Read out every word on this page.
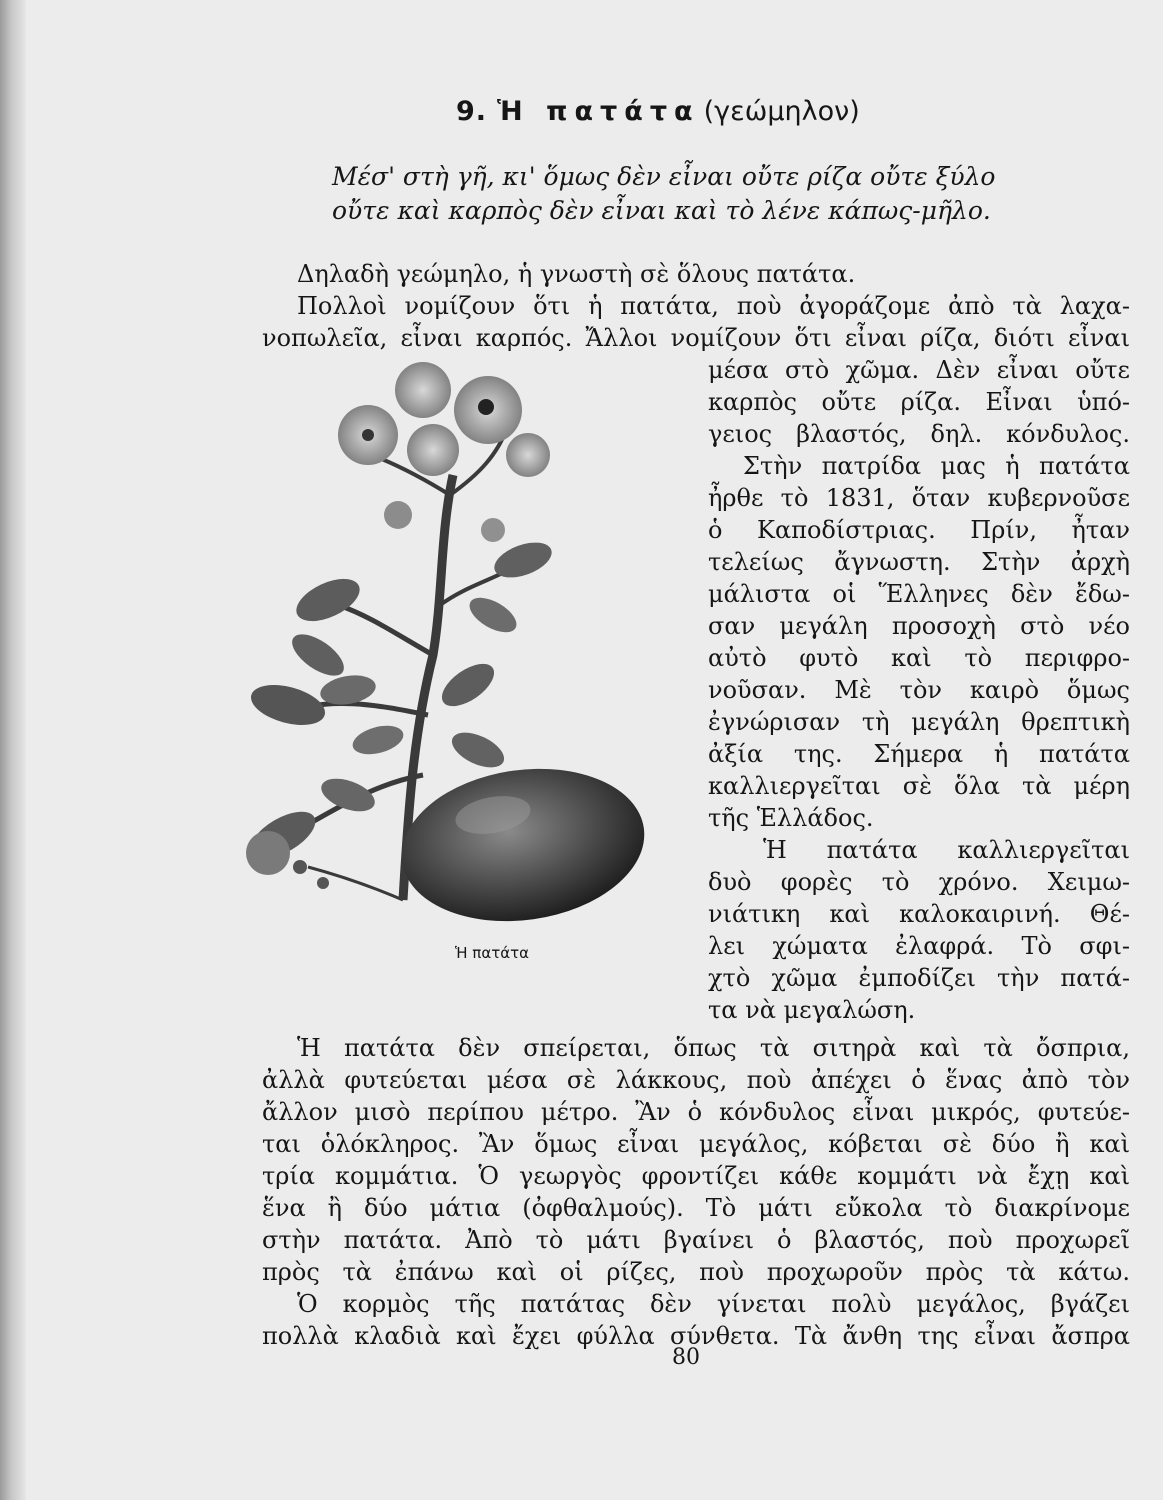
9. Ἡ πατάτα (γεώμηλον)
Μέσ' στὴ γῆ, κι' ὅμως δὲν εἶναι οὔτε ρίζα οὔτε ξύλο
οὔτε καὶ καρπὸς δὲν εἶναι καὶ τὸ λένε κάπως-μῆλο.
Δηλαδὴ γεώμηλο, ἡ γνωστὴ σὲ ὅλους πατάτα.
Πολλοὶ νομίζουν ὅτι ἡ πατάτα, ποὺ ἀγοράζομε ἀπὸ τὰ λαχα-
νοπωλεῖα, εἶναι καρπός. Ἄλλοι νομίζουν ὅτι εἶναι ρίζα, διότι εἶναι
μέσα στὸ χῶμα. Δὲν εἶναι οὔτε
καρπὸς οὔτε ρίζα. Εἶναι ὑπό-
γειος βλαστός, δηλ. κόνδυλος.
Στὴν πατρίδα μας ἡ πατάτα
ἦρθε τὸ 1831, ὅταν κυβερνοῦσε
ὁ Καποδίστριας. Πρίν, ἦταν
τελείως ἄγνωστη. Στὴν ἀρχὴ
μάλιστα οἱ Ἕλληνες δὲν ἔδω-
σαν μεγάλη προσοχὴ στὸ νέο
αὐτὸ φυτὸ καὶ τὸ περιφρο-
νοῦσαν. Μὲ τὸν καιρὸ ὅμως
ἐγνώρισαν τὴ μεγάλη θρεπτικὴ
ἀξία της. Σήμερα ἡ πατάτα
καλλιεργεῖται σὲ ὅλα τὰ μέρη
τῆς Ἑλλάδος.
Ἡ πατάτα καλλιεργεῖται
δυὸ φορὲς τὸ χρόνο. Χειμω-
νιάτικη καὶ καλοκαιρινή. Θέ-
λει χώματα ἐλαφρά. Τὸ σφι-
χτὸ χῶμα ἐμποδίζει τὴν πατά-
τα νὰ μεγαλώση.
Ἡ πατάτα δὲν σπείρεται, ὅπως τὰ σιτηρὰ καὶ τὰ ὄσπρια,
ἀλλὰ φυτεύεται μέσα σὲ λάκκους, ποὺ ἀπέχει ὁ ἕνας ἀπὸ τὸν
ἄλλον μισὸ περίπου μέτρο. Ἂν ὁ κόνδυλος εἶναι μικρός, φυτεύε-
ται ὁλόκληρος. Ἂν ὅμως εἶναι μεγάλος, κόβεται σὲ δύο ἢ καὶ
τρία κομμάτια. Ὁ γεωργὸς φροντίζει κάθε κομμάτι νὰ ἔχῃ καὶ
ἕνα ἢ δύο μάτια (ὀφθαλμούς). Τὸ μάτι εὔκολα τὸ διακρίνομε
στὴν πατάτα. Ἀπὸ τὸ μάτι βγαίνει ὁ βλαστός, ποὺ προχωρεῖ
πρὸς τὰ ἐπάνω καὶ οἱ ρίζες, ποὺ προχωροῦν πρὸς τὰ κάτω.
Ὁ κορμὸς τῆς πατάτας δὲν γίνεται πολὺ μεγάλος, βγάζει
πολλὰ κλαδιὰ καὶ ἔχει φύλλα σύνθετα. Τὰ ἄνθη της εἶναι ἄσπρα
Ἡ πατάτα
80
